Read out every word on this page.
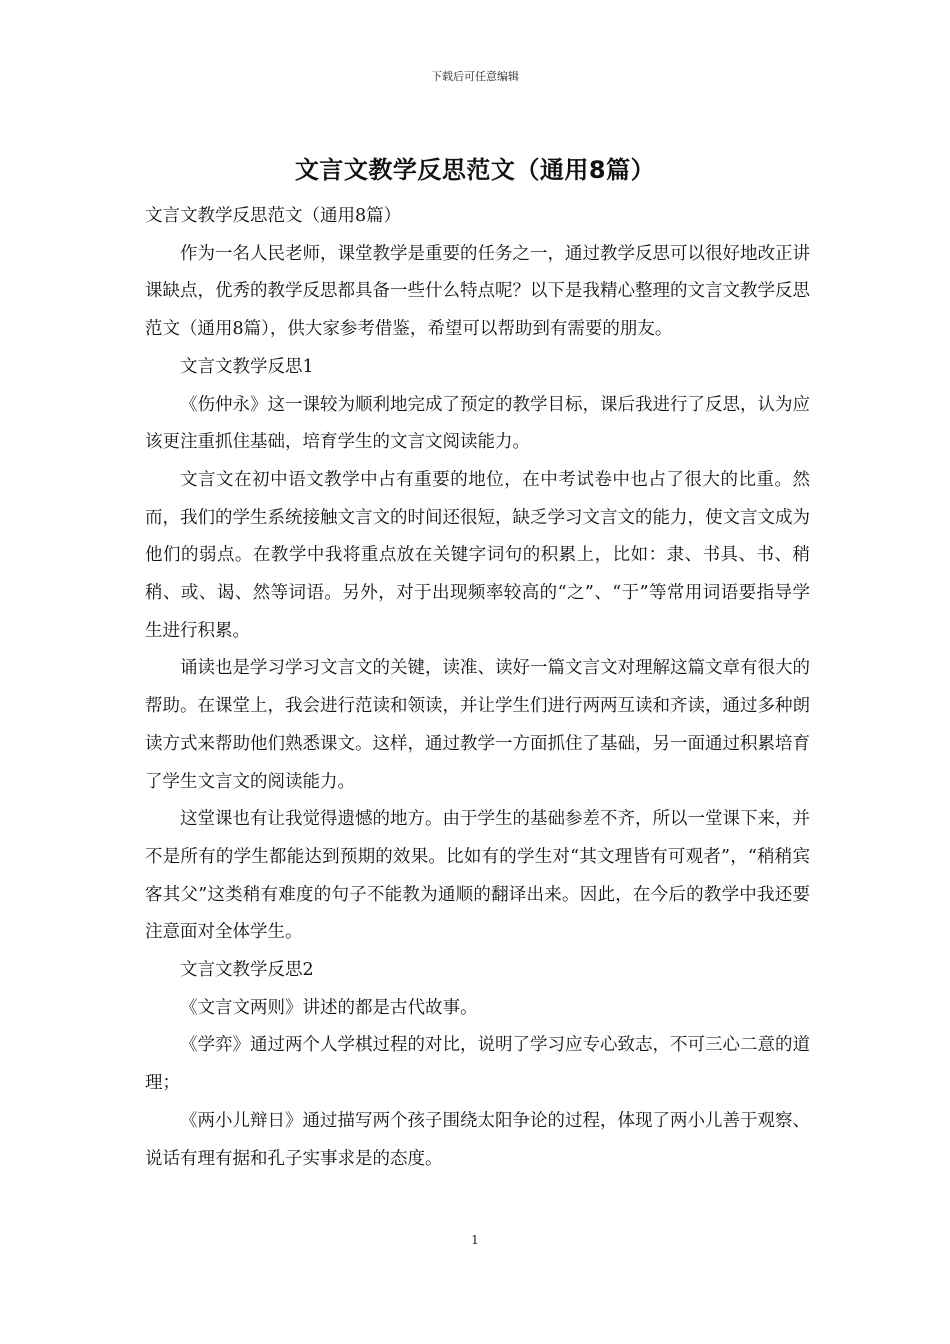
下载后可任意编辑
文言文教学反思范文（通用8篇）

文言文教学反思范文（通用8篇）

作为一名人民老师，课堂教学是重要的任务之一，通过教学反思可以很好地改正讲课缺点，优秀的教学反思都具备一些什么特点呢？以下是我精心整理的文言文教学反思范文（通用8篇），供大家参考借鉴，希望可以帮助到有需要的朋友。

文言文教学反思1

《伤仲永》这一课较为顺利地完成了预定的教学目标，课后我进行了反思，认为应该更注重抓住基础，培育学生的文言文阅读能力。

文言文在初中语文教学中占有重要的地位，在中考试卷中也占了很大的比重。然而，我们的学生系统接触文言文的时间还很短，缺乏学习文言文的能力，使文言文成为他们的弱点。在教学中我将重点放在关键字词句的积累上，比如：隶、书具、书、稍稍、或、谒、然等词语。另外，对于出现频率较高的“之”、“于”等常用词语要指导学生进行积累。

诵读也是学习学习文言文的关键，读准、读好一篇文言文对理解这篇文章有很大的帮助。在课堂上，我会进行范读和领读，并让学生们进行两两互读和齐读，通过多种朗读方式来帮助他们熟悉课文。这样，通过教学一方面抓住了基础，另一面通过积累培育了学生文言文的阅读能力。

这堂课也有让我觉得遗憾的地方。由于学生的基础参差不齐，所以一堂课下来，并不是所有的学生都能达到预期的效果。比如有的学生对“其文理皆有可观者”，“稍稍宾客其父”这类稍有难度的句子不能教为通顺的翻译出来。因此，在今后的教学中我还要注意面对全体学生。

文言文教学反思2

《文言文两则》讲述的都是古代故事。

《学弈》通过两个人学棋过程的对比，说明了学习应专心致志，不可三心二意的道理；

《两小儿辩日》通过描写两个孩子围绕太阳争论的过程，体现了两小儿善于观察、说话有理有据和孔子实事求是的态度。

1
